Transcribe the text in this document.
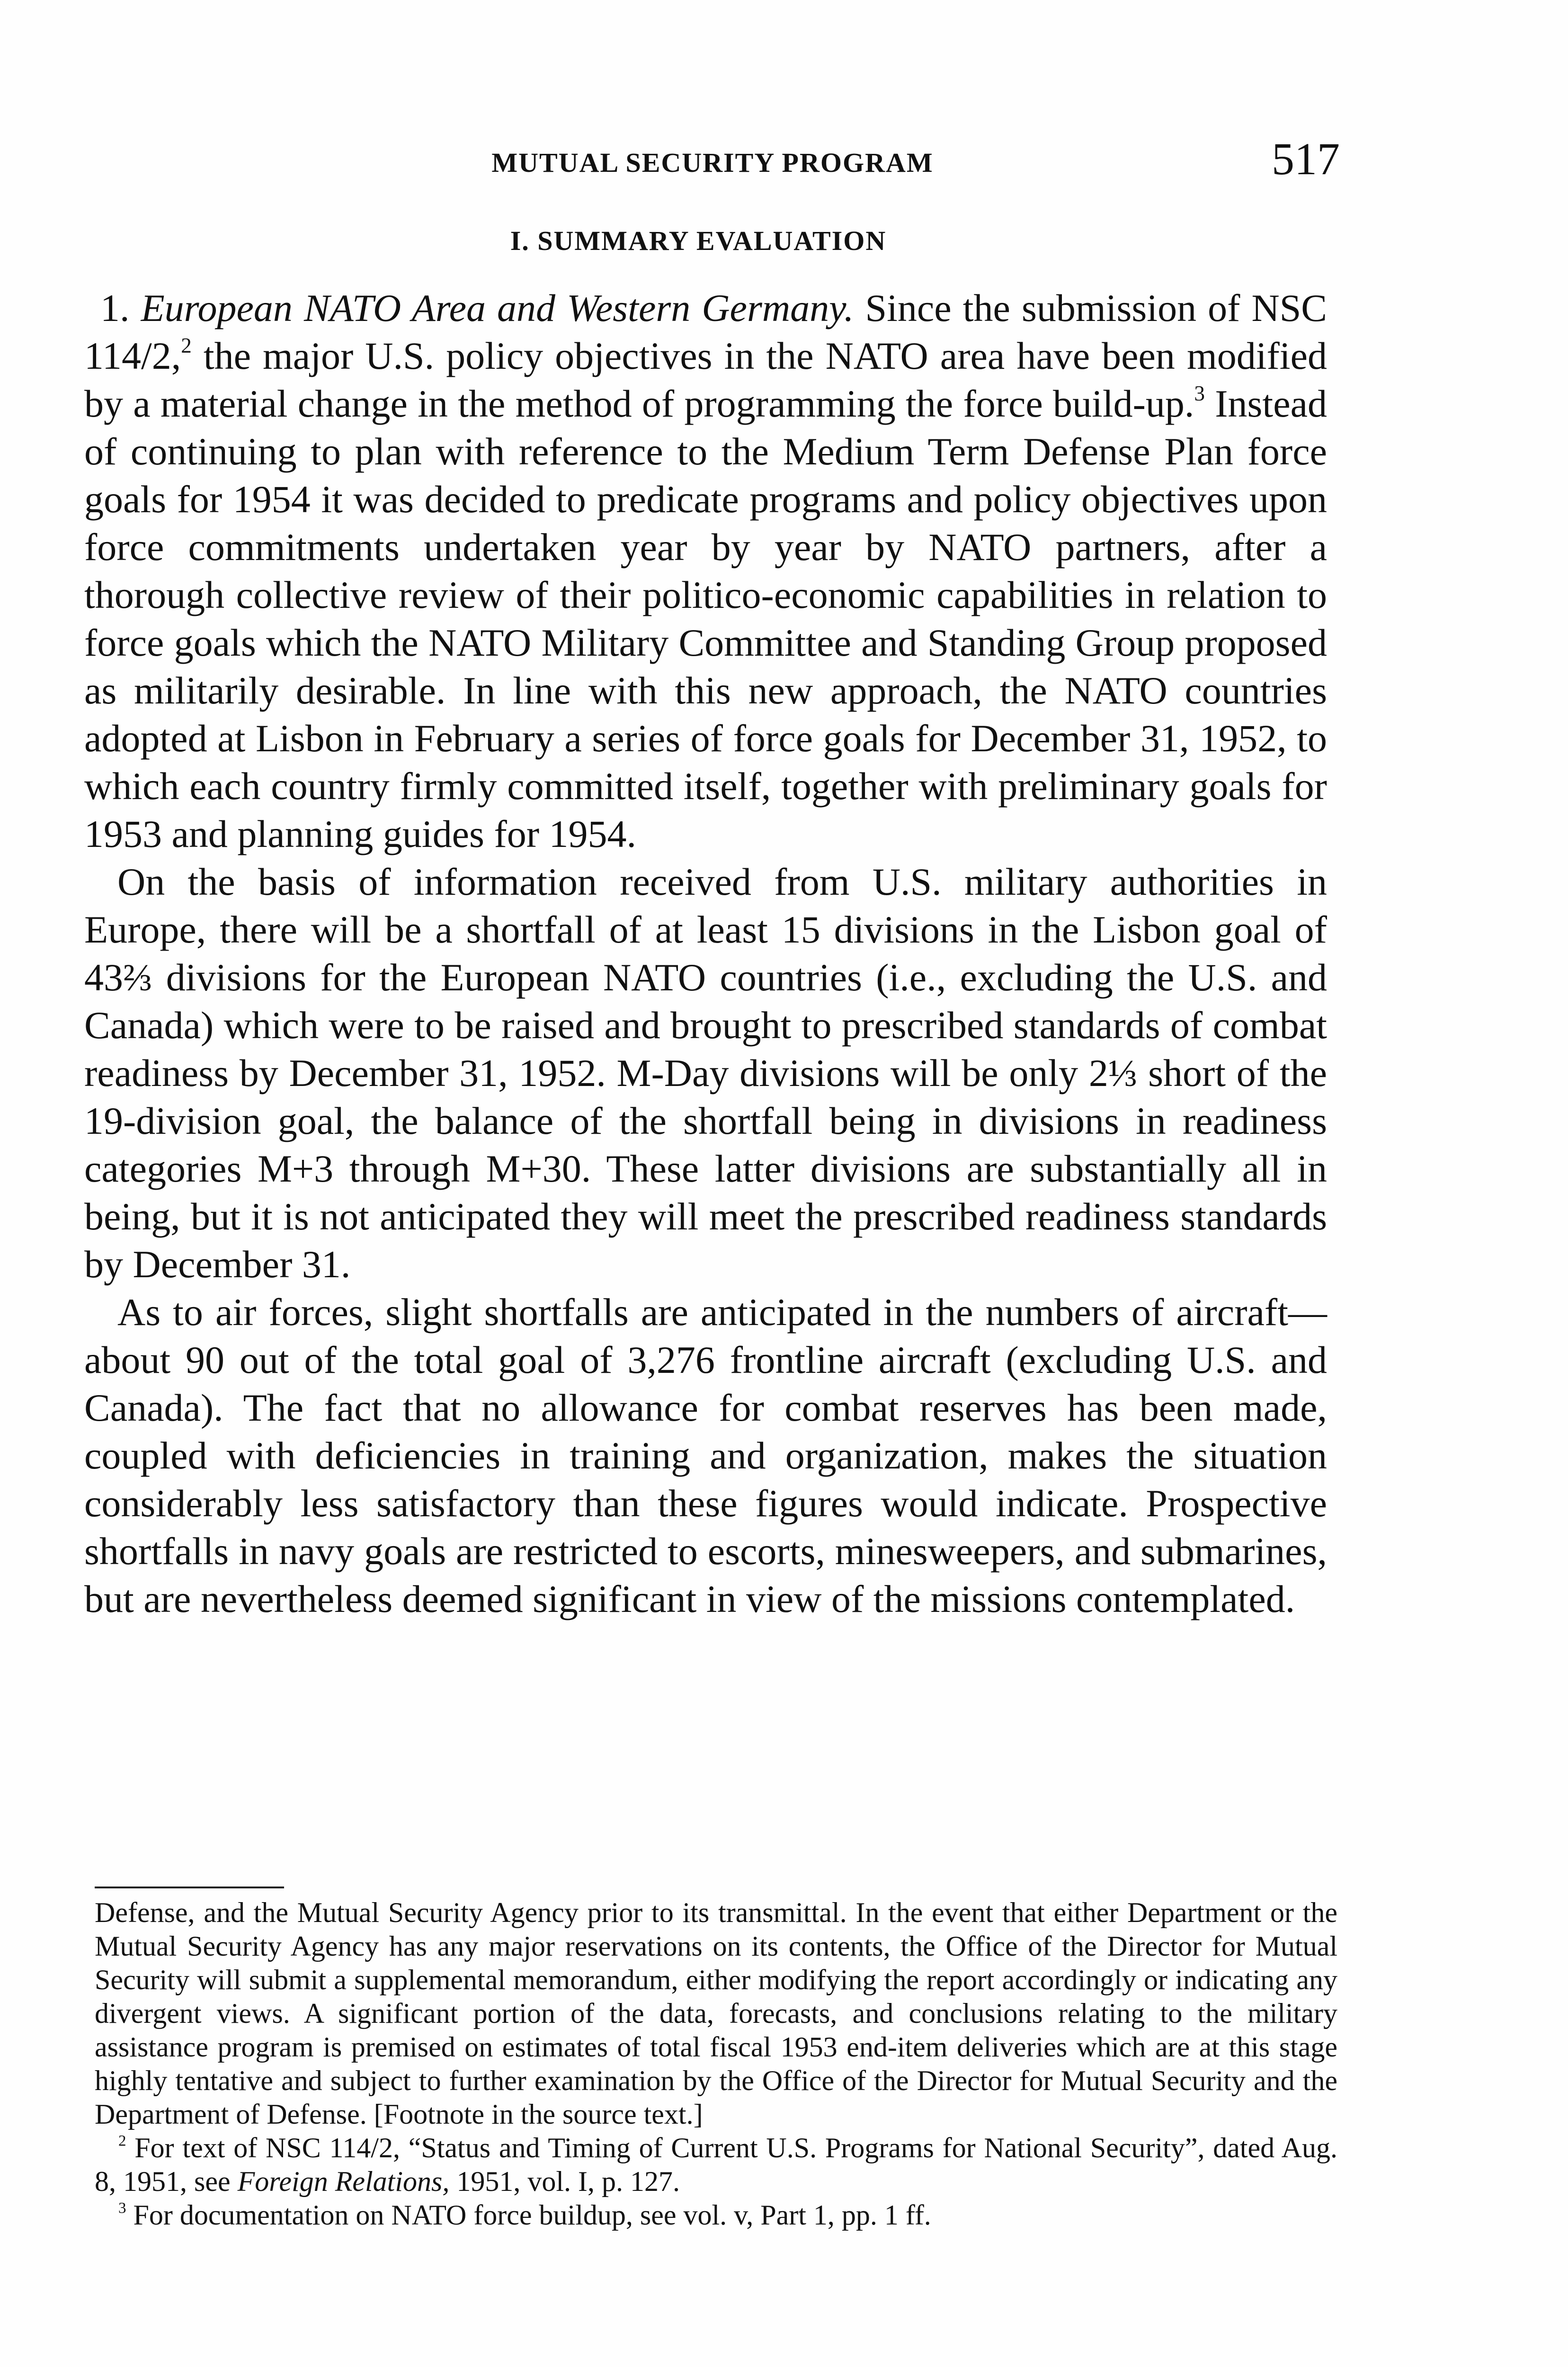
MUTUAL SECURITY PROGRAM	517
I. SUMMARY EVALUATION

1. European NATO Area and Western Germany. Since the submission of NSC 114/2,$^2$ the major U.S. policy objectives in the NATO area have been modified by a material change in the method of programming the force build-up.$^3$ Instead of continuing to plan with reference to the Medium Term Defense Plan force goals for 1954 it was decided to predicate programs and policy objectives upon force commitments undertaken year by year by NATO partners, after a thorough collective review of their politico-economic capabilities in relation to force goals which the NATO Military Committee and Standing Group proposed as militarily desirable. In line with this new approach, the NATO countries adopted at Lisbon in February a series of force goals for December 31, 1952, to which each country firmly committed itself, together with preliminary goals for 1953 and planning guides for 1954.

On the basis of information received from U.S. military authorities in Europe, there will be a shortfall of at least 15 divisions in the Lisbon goal of 43⅔ divisions for the European NATO countries (i.e., excluding the U.S. and Canada) which were to be raised and brought to prescribed standards of combat readiness by December 31, 1952. M-Day divisions will be only 2⅓ short of the 19-division goal, the balance of the shortfall being in divisions in readiness categories M+3 through M+30. These latter divisions are substantially all in being, but it is not anticipated they will meet the prescribed readiness standards by December 31.

As to air forces, slight shortfalls are anticipated in the numbers of aircraft—about 90 out of the total goal of 3,276 frontline aircraft (excluding U.S. and Canada). The fact that no allowance for combat reserves has been made, coupled with deficiencies in training and organization, makes the situation considerably less satisfactory than these figures would indicate. Prospective shortfalls in navy goals are restricted to escorts, minesweepers, and submarines, but are nevertheless deemed significant in view of the missions contemplated.

Defense, and the Mutual Security Agency prior to its transmittal. In the event that either Department or the Mutual Security Agency has any major reservations on its contents, the Office of the Director for Mutual Security will submit a supplemental memorandum, either modifying the report accordingly or indicating any divergent views. A significant portion of the data, forecasts, and conclusions relating to the military assistance program is premised on estimates of total fiscal 1953 end-item deliveries which are at this stage highly tentative and subject to further examination by the Office of the Director for Mutual Security and the Department of Defense. [Footnote in the source text.]

$^2$ For text of NSC 114/2, “Status and Timing of Current U.S. Programs for National Security”, dated Aug. 8, 1951, see Foreign Relations, 1951, vol. I, p. 127.

$^3$ For documentation on NATO force buildup, see vol. v, Part 1, pp. 1 ff.
